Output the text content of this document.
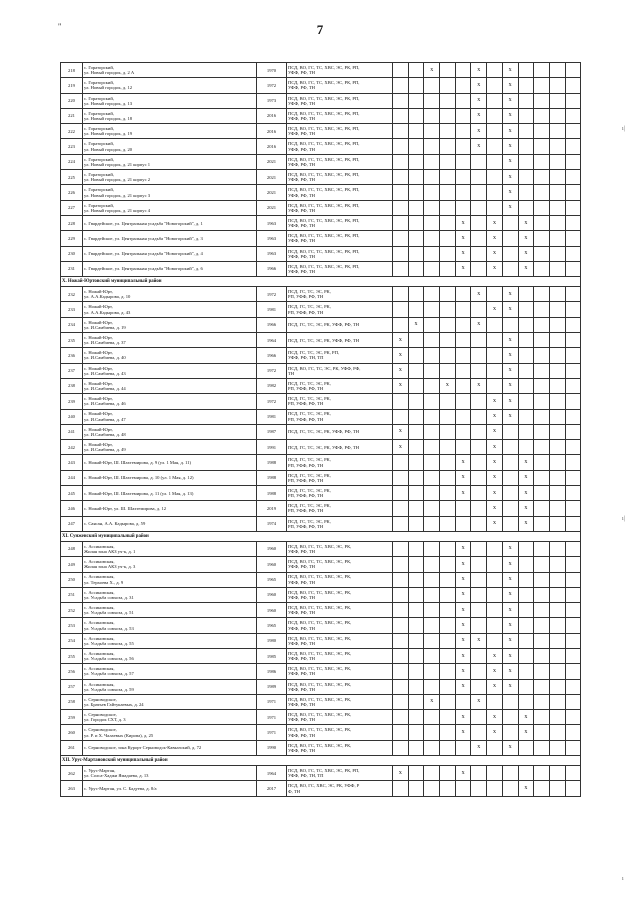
"	7
218	с. Гораторский,
ул. Новый городок, д. 2 А	1970	ПСД, ВО, ГС, ТС, ХВС, ЭС, РК, РП,
УФФ, РФ, ТН			x			x		x				
219	с. Гораторский,
ул. Новый городок, д. 12	1972	ПСД, ВО, ГС, ТС, ХВС, ЭС, РК, РП,
УФФ, РФ, ТН						x		x				
220	с. Гораторский,
ул. Новый городок, д. 13	1973	ПСД, ВО, ГС, ТС, ХВС, ЭС, РК, РП,
УФФ, РФ, ТН						x		x				
221	с. Гораторский,
ул. Новый городок, д. 18	2016	ПСД, ВО, ГС, ТС, ХВС, ЭС, РК, РП,
УФФ, РФ, ТН						x		x				
222	с. Гораторский,
ул. Новый городок, д. 19	2016	ПСД, ВО, ГС, ТС, ХВС, ЭС, РК, РП,
УФФ, РФ, ТН						x		x				
223	с. Гораторский,
ул. Новый городок, д. 20	2016	ПСД, ВО, ГС, ТС, ХВС, ЭС, РК, РП,
УФФ, РФ, ТН						x		x				
224	с. Гораторский,
ул. Новый городок, д. 21 корпус 1	2021	ПСД, ВО, ГС, ТС, ХВС, ЭС, РК, РП,
УФФ, РФ, ТН								x				
225	с. Гораторский,
ул. Новый городок, д. 21 корпус 2	2021	ПСД, ВО, ГС, ТС, ХВС, ЭС, РК, РП,
УФФ, РФ, ТН								x				
226	с. Гораторский,
ул. Новый городок, д. 21 корпус 3	2021	ПСД, ВО, ГС, ТС, ХВС, ЭС, РК, РП,
УФФ, РФ, ТН								x				
227	с. Гораторский,
ул. Новый городок, д. 21 корпус 4	2021	ПСД, ВО, ГС, ТС, ХВС, ЭС, РК, РП,
УФФ, РФ, ТН								x				
228	с. Гвардейское, ул. Центральная усадьба "Новогорский", д. 1	1963	ПСД, ВО, ГС, ТС, ХВС, ЭС, РК, РП,
УФФ, РФ, ТН					x		x		x			
229	с. Гвардейское, ул. Центральная усадьба "Новогорский", д. 3	1963	ПСД, ВО, ГС, ТС, ХВС, ЭС, РК, РП,
УФФ, РФ, ТН					x		x		x			
230	с. Гвардейское, ул. Центральная усадьба "Новогорский", д. 4	1963	ПСД, ВО, ГС, ТС, ХВС, ЭС, РК, РП,
УФФ, РФ, ТН					x		x		x			
231	с. Гвардейское, ул. Центральная усадьба "Новогорский", д. 6	1966	ПСД, ВО, ГС, ТС, ХВС, ЭС, РК, РП,
УФФ, РФ, ТН					x		x		x			
X. Ножай-Юртовский муниципальный район															
232	с. Ножай-Юрт,
ул. А.А.Кадырова, д. 10	1972	ПСД, ГС, ТС, ЭС, РК,
РП, УФФ, РФ, ТН						x		x				
233	с. Ножай-Юрт,
ул. А.А.Кадырова, д. 43	1981	ПСД, ГС, ТС, ЭС, РК,
РП, УФФ, РФ, ТН							x	x				
234	с. Ножай-Юрт,
ул. И.Самбиева, д. 19	1966	ПСД, ГС, ТС, ЭС, РК, УФФ, РФ, ТН		x				x						
235	с. Ножай-Юрт,
ул. И.Самбиева, д. 37	1964	ПСД, ГС, ТС, ЭС, РК, УФФ, РФ, ТН	x							x				
236	с. Ножай-Юрт,
ул. И.Самбиева, д. 40	1966	ПСД, ГС, ТС, ЭС, РК, РП,
УФФ, РФ, ТН, ТП	x							x				
237	с. Ножай-Юрт,
ул. И.Самбиева, д. 43	1972	ПСД, ВО, ГС, ТС, ЭС, РК, УФФ, РФ,
ТН	x							x				
238	с. Ножай-Юрт,
ул. И.Самбиева, д. 44	1982	ПСД, ГС, ТС, ЭС, РК,
РП, УФФ, РФ, ТН	x			x		x		x				
239	с. Ножай-Юрт,
ул. И.Самбиева, д. 46	1972	ПСД, ГС, ТС, ЭС, РК,
РП, УФФ, РФ, ТН							x	x				
240	с. Ножай-Юрт,
ул. И.Самбиева, д. 47	1981	ПСД, ГС, ТС, ЭС, РК,
РП, УФФ, РФ, ТН							x	x				
241	с. Ножай-Юрт,
ул. И.Самбиева, д. 48	1987	ПСД, ГС, ТС, ЭС, РК, УФФ, РФ, ТН	x						x					
242	с. Ножай-Юрт,
ул. И.Самбиева, д. 49	1991	ПСД, ГС, ТС, ЭС, РК, УФФ, РФ, ТН	x						x					
243	с. Ножай-Юрт, Ш. Шахтемирова, д. 9 (ул. 1 Мая, д. 11)	1988	ПСД, ГС, ТС, ЭС, РК,
РП, УФФ, РФ, ТН					x		x		x			
244	с. Ножай-Юрт, Ш. Шахтемирова, д. 10 (ул. 1 Мая, д. 12)	1988	ПСД, ГС, ТС, ЭС, РК,
РП, УФФ, РФ, ТН					x		x		x			
245	с. Ножай-Юрт, Ш. Шахтемирова, д. 11 (ул. 1 Мая, д. 13)	1988	ПСД, ГС, ТС, ЭС, РК,
РП, УФФ, РФ, ТН					x		x		x			
246	с. Ножай-Юрт, ул. Ш. Шахтемирова, д. 12	2019	ПСД, ГС, ТС, ЭС, РК,
РП, УФФ, РФ, ТН							x		x			
247	с. Саясан, А.А. Кадырова, д. 59	1974	ПСД, ГС, ТС, ЭС, РК,
РП, УФФ, РФ, ТН							x		x			
XI. Сунженский муниципальный район															
248	с. Ассиновская,
Жилая зона АКЗ уч-к, д. 1	1960	ПСД, ВО, ГС, ТС, ХВС, ЭС, РК,
УФФ, РФ, ТН					x			x				
249	с. Ассиновская,
Жилая зона АКЗ уч-к, д. 3	1960	ПСД, ВО, ГС, ТС, ХВС, ЭС, РК,
УФФ, РФ, ТН					x			x				
250	с. Ассиновская,
ул. Терхоева Х., д. 9	1965	ПСД, ВО, ГС, ТС, ХВС, ЭС, РК,
УФФ, РФ, ТН					x			x				
251	с. Ассиновская,
ул. Усадьба совхоза, д. 31	1960	ПСД, ВО, ГС, ТС, ХВС, ЭС, РК,
УФФ, РФ, ТН					x			x				
252	с. Ассиновская,
ул. Усадьба совхоза, д. 51	1960	ПСД, ВО, ГС, ТС, ХВС, ЭС, РК,
УФФ, РФ, ТН					x			x				
253	с. Ассиновская,
ул. Усадьба совхоза, д. 53	1965	ПСД, ВО, ГС, ТС, ХВС, ЭС, РК,
УФФ, РФ, ТН					x			x				
254	с. Ассиновская,
ул. Усадьба совхоза, д. 55	1980	ПСД, ВО, ГС, ТС, ХВС, ЭС, РК,
УФФ, РФ, ТН					x	x		x				
255	с. Ассиновская,
ул. Усадьба совхоза, д. 56	1985	ПСД, ВО, ГС, ТС, ХВС, ЭС, РК,
УФФ, РФ, ТН					x		x	x				
256	с. Ассиновская,
ул. Усадьба совхоза, д. 57	1986	ПСД, ВО, ГС, ТС, ХВС, ЭС, РК,
УФФ, РФ, ТН					x		x	x				
257	с. Ассиновская,
ул. Усадьба совхоза, д. 59	1989	ПСД, ВО, ГС, ТС, ХВС, ЭС, РК,
УФФ, РФ, ТН					x		x	x				
258	с. Серноводское,
ул. Братьев Гайтукаевых, д. 24	1971	ПСД, ВО, ГС, ТС, ХВС, ЭС, РК,
УФФ, РФ, ТН			x			x						
259	с. Серноводское,
ул. Городок СХТ, д. 3	1971	ПСД, ВО, ГС, ТС, ХВС, ЭС, РК,
УФФ, РФ, ТН					x		x		x			
260	с. Серноводское,
ул. Р. и Х. Чалаевых (Кирова), д. 25	1971	ПСД, ВО, ГС, ТС, ХВС, ЭС, РК,
УФФ, РФ, ТН					x		x		x			
261	с. Серноводское, зона Курорт Серноводск-Кавказский, д. 72	1990	ПСД, ВО, ГС, ТС, ХВС, ЭС, РК,
УФФ, РФ, ТН						x		x				
XII. Урус-Мартановский муниципальный район															
262	с. Урус-Мартан,
ул. Солса-Хаджи Ямадаева, д. 13	1964	ПСД, ВО, ГС, ТС, ХВС, ЭС, РК, РП,
УФФ, РФ, ТН, ТП	x				x							
263	с. Урус-Мартан, ул. С. Бадуева, д. 8/а	2017	ПСД, ВО, ГС, ХВС, ЭС, РК, УФФ, Р
Ф, ТН									x			
ı|
ı|
ı
